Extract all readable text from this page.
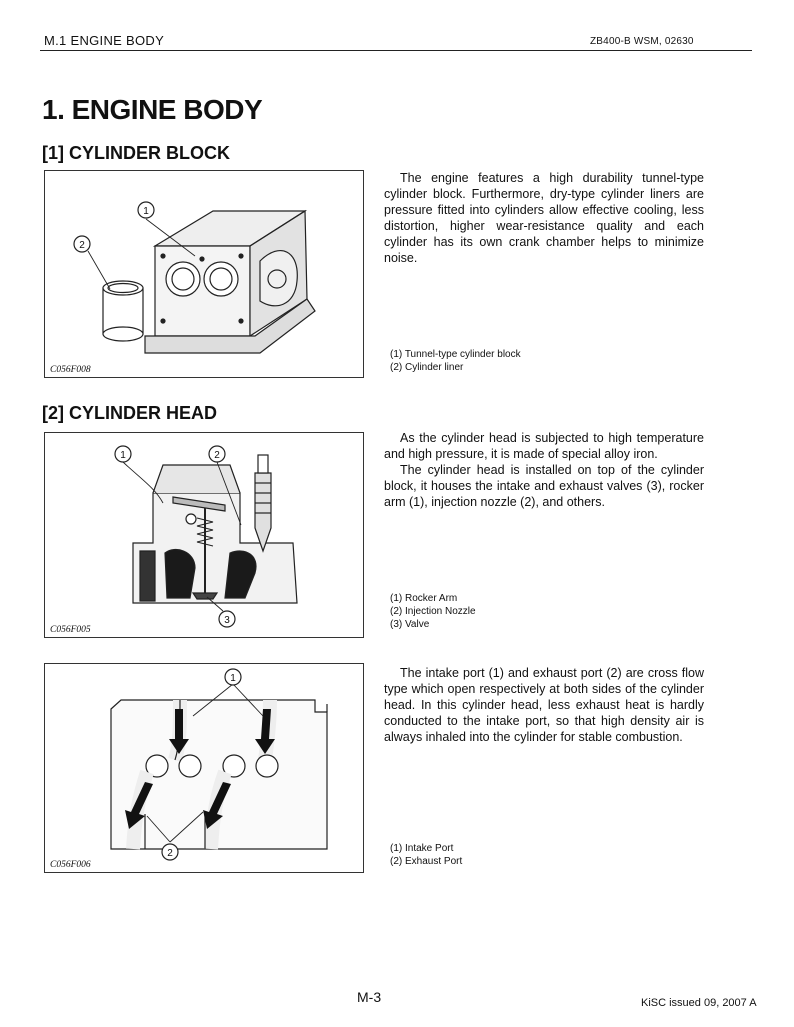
M.1 ENGINE BODY	ZB400-B WSM, 02630
1. ENGINE BODY
[1] CYLINDER BLOCK
1
2
C056F008

The engine features a high durability tunnel-type cylinder block. Furthermore, dry-type cylinder liners are pressure fitted into cylinders allow effective cooling, less distortion, higher wear-resistance quality and each cylinder has its own crank chamber helps to minimize noise.

(1) Tunnel-type cylinder block
(2) Cylinder liner
[2] CYLINDER HEAD
1	2
3
C056F005

As the cylinder head is subjected to high temperature and high pressure, it is made of special alloy iron.

The cylinder head is installed on top of the cylinder block, it houses the intake and exhaust valves (3), rocker arm (1), injection nozzle (2), and others.

(1) Rocker Arm
(2) Injection Nozzle
(3) Valve
1
2
C056F006

The intake port (1) and exhaust port (2) are cross flow type which open respectively at both sides of the cylinder head. In this cylinder head, less exhaust heat is hardly conducted to the intake port, so that high density air is always inhaled into the cylinder for stable combustion.

(1) Intake Port
(2) Exhaust Port
M-3	KiSC issued 09, 2007 A
